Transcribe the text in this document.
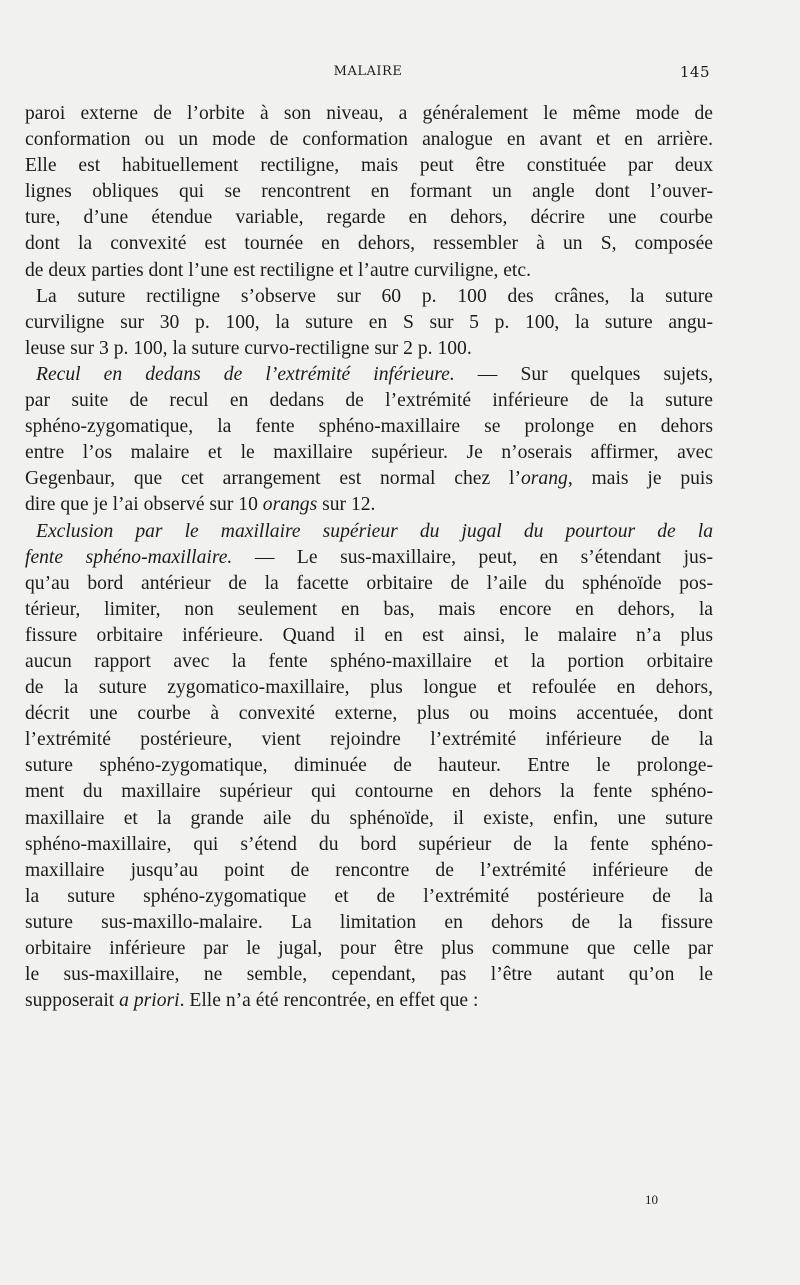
MALAIRE	145
paroi externe de l’orbite à son niveau, a généralement le même mode de
conformation ou un mode de conformation analogue en avant et en arrière.
Elle est habituellement rectiligne, mais peut être constituée par deux
lignes obliques qui se rencontrent en formant un angle dont l’ouver-
ture, d’une étendue variable, regarde en dehors, décrire une courbe
dont la convexité est tournée en dehors, ressembler à un S, composée
de deux parties dont l’une est rectiligne et l’autre curviligne, etc.
La suture rectiligne s’observe sur 60 p. 100 des crânes, la suture
curviligne sur 30 p. 100, la suture en S sur 5 p. 100, la suture angu-
leuse sur 3 p. 100, la suture curvo-rectiligne sur 2 p. 100.
Recul en dedans de l’extrémité inférieure. — Sur quelques sujets,
par suite de recul en dedans de l’extrémité inférieure de la suture
sphéno-zygomatique, la fente sphéno-maxillaire se prolonge en dehors
entre l’os malaire et le maxillaire supérieur. Je n’oserais affirmer, avec
Gegenbaur, que cet arrangement est normal chez l’orang, mais je puis
dire que je l’ai observé sur 10 orangs sur 12.
Exclusion par le maxillaire supérieur du jugal du pourtour de la
fente sphéno-maxillaire. — Le sus-maxillaire, peut, en s’étendant jus-
qu’au bord antérieur de la facette orbitaire de l’aile du sphénoïde pos-
térieur, limiter, non seulement en bas, mais encore en dehors, la
fissure orbitaire inférieure. Quand il en est ainsi, le malaire n’a plus
aucun rapport avec la fente sphéno-maxillaire et la portion orbitaire
de la suture zygomatico-maxillaire, plus longue et refoulée en dehors,
décrit une courbe à convexité externe, plus ou moins accentuée, dont
l’extrémité postérieure, vient rejoindre l’extrémité inférieure de la
suture sphéno-zygomatique, diminuée de hauteur. Entre le prolonge-
ment du maxillaire supérieur qui contourne en dehors la fente sphéno-
maxillaire et la grande aile du sphénoïde, il existe, enfin, une suture
sphéno-maxillaire, qui s’étend du bord supérieur de la fente sphéno-
maxillaire jusqu’au point de rencontre de l’extrémité inférieure de
la suture sphéno-zygomatique et de l’extrémité postérieure de la
suture sus-maxillo-malaire. La limitation en dehors de la fissure
orbitaire inférieure par le jugal, pour être plus commune que celle par
le sus-maxillaire, ne semble, cependant, pas l’être autant qu’on le
supposerait a priori. Elle n’a été rencontrée, en effet que :
10
